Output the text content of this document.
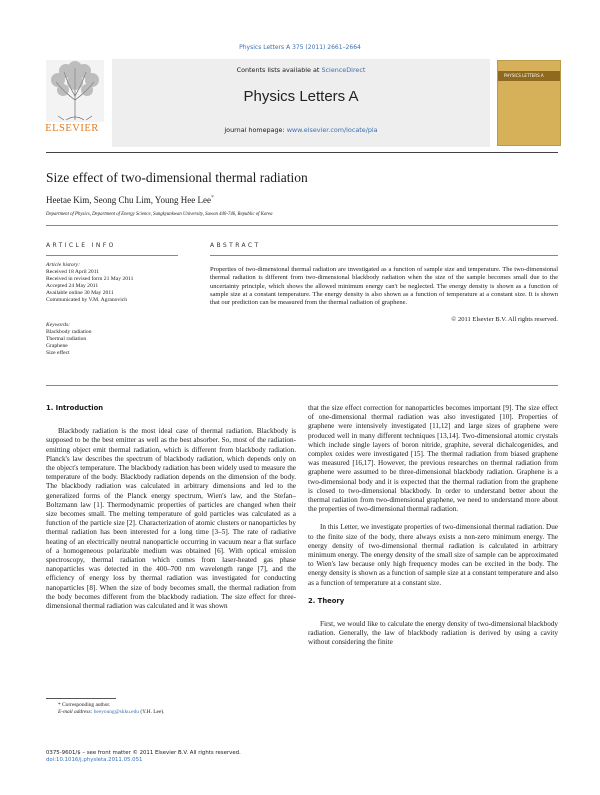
Physics Letters A 375 (2011) 2661–2664
Contents lists available at ScienceDirect
Physics Letters A
journal homepage: www.elsevier.com/locate/pla
ELSEVIER
PHYSICS LETTERS A
Size effect of two-dimensional thermal radiation
Heetae Kim, Seong Chu Lim, Young Hee Lee*
Department of Physics, Department of Energy Science, Sungkyunkwan University, Suwon 440-746, Republic of Korea
ARTICLE INFO
Article history:
Received 18 April 2011
Received in revised form 21 May 2011
Accepted 24 May 2011
Available online 30 May 2011
Communicated by V.M. Agranovich
Keywords:
Blackbody radiation
Thermal radiation
Graphene
Size effect
ABSTRACT
Properties of two-dimensional thermal radiation are investigated as a function of sample size and temperature. The two-dimensional thermal radiation is different from two-dimensional blackbody radiation when the size of the sample becomes small due to the uncertainty principle, which shows the allowed minimum energy can't be neglected. The energy density is shown as a function of sample size at a constant temperature. The energy density is also shown as a function of temperature at a constant size. It is shown that our prediction can be measured from the thermal radiation of graphene.
© 2011 Elsevier B.V. All rights reserved.

1. Introduction

Blackbody radiation is the most ideal case of thermal radiation. Blackbody is supposed to be the best emitter as well as the best absorber. So, most of the radiation-emitting object emit thermal radiation, which is different from blackbody radiation. Planck's law describes the spectrum of blackbody radiation, which depends only on the object's temperature. The blackbody radiation has been widely used to measure the temperature of the body. Blackbody radiation depends on the dimension of the body. The blackbody radiation was calculated in arbitrary dimensions and led to the generalized forms of the Planck energy spectrum, Wien's law, and the Stefan–Boltzmann law [1]. Thermodynamic properties of particles are changed when their size becomes small. The melting temperature of gold particles was calculated as a function of the particle size [2]. Characterization of atomic clusters or nanoparticles by thermal radiation has been interested for a long time [3–5]. The rate of radiative heating of an electrically neutral nanoparticle occurring in vacuum near a flat surface of a homogeneous polarizable medium was obtained [6]. With optical emission spectroscopy, thermal radiation which comes from laser-heated gas phase nanoparticles was detected in the 400–700 nm wavelength range [7], and the efficiency of energy loss by thermal radiation was investigated for conducting nanoparticles [8]. When the size of body becomes small, the thermal radiation from the body becomes different from the blackbody radiation. The size effect for three-dimensional thermal radiation was calculated and it was shown

that the size effect correction for nanoparticles becomes important [9]. The size effect of one-dimensional thermal radiation was also investigated [10]. Properties of graphene were intensively investigated [11,12] and large sizes of graphene were produced well in many different techniques [13,14]. Two-dimensional atomic crystals which include single layers of boron nitride, graphite, several dichalcogenides, and complex oxides were investigated [15]. The thermal radiation from biased graphene was measured [16,17]. However, the previous researches on thermal radiation from graphene were assumed to be three-dimensional blackbody radiation. Graphene is a two-dimensional body and it is expected that the thermal radiation from the graphene is closed to two-dimensional blackbody. In order to understand better about the thermal radiation from two-dimensional graphene, we need to understand more about the properties of two-dimensional thermal radiation.

In this Letter, we investigate properties of two-dimensional thermal radiation. Due to the finite size of the body, there always exists a non-zero minimum energy. The energy density of two-dimensional thermal radiation is calculated in arbitrary minimum energy. The energy density of the small size of sample can be approximated to Wien's law because only high frequency modes can be excited in the body. The energy density is shown as a function of sample size at a constant temperature and also as a function of temperature at a constant size.

2. Theory

First, we would like to calculate the energy density of two-dimensional blackbody radiation. Generally, the law of blackbody radiation is derived by using a cavity without considering the finite

* Corresponding author.
E-mail address: heeyoung@skku.edu (Y.H. Lee).
0375-9601/$ – see front matter © 2011 Elsevier B.V. All rights reserved.
doi:10.1016/j.physleta.2011.05.051
